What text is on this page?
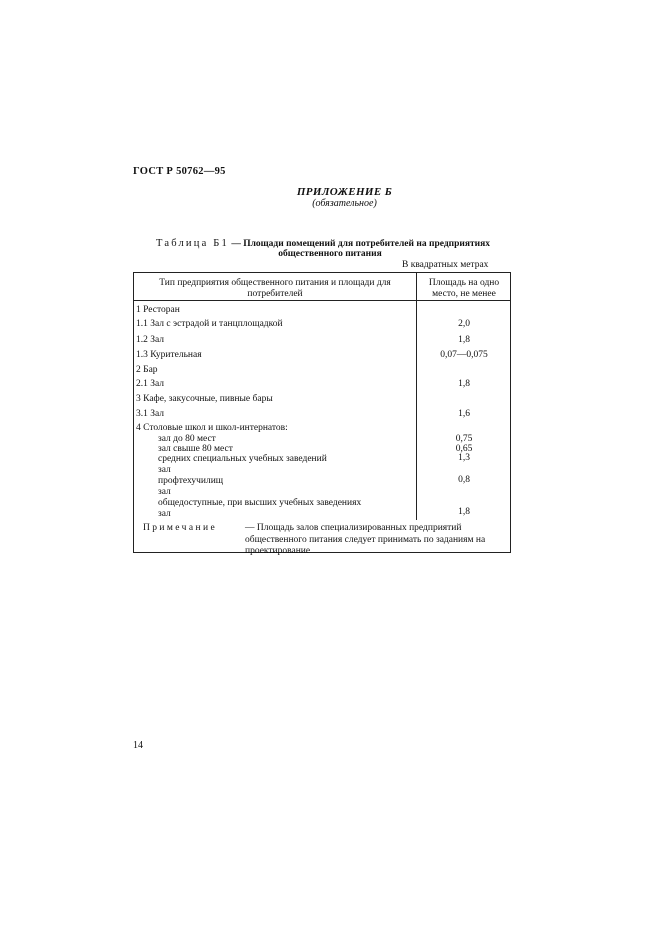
ГОСТ Р 50762—95
ПРИЛОЖЕНИЕ Б
(обязательное)
Таблица Б1 — Площади помещений для потребителей на предприятиях
общественного питания
В квадратных метрах
Тип предприятия общественного питания и площади для потребителей
Площадь на одно место, не менее
1 Ресторан
1.1 Зал с эстрадой и танцплощадкой	2,0
1.2 Зал	1,8
1.3 Курительная	0,07—0,075
2 Бар
2.1 Зал	1,8
3 Кафе, закусочные, пивные бары
3.1 Зал	1,6
4 Столовые школ и школ-интернатов:
зал до 80 мест	0,75
зал свыше 80 мест	0,65
средних специальных учебных заведений	1,3
зал
профтехучилищ	0,8
зал
общедоступные, при высших учебных заведениях
зал	1,8
Примечание	— Площадь залов специализированных предприятий общественного питания следует принимать по заданиям на проектирование
14
